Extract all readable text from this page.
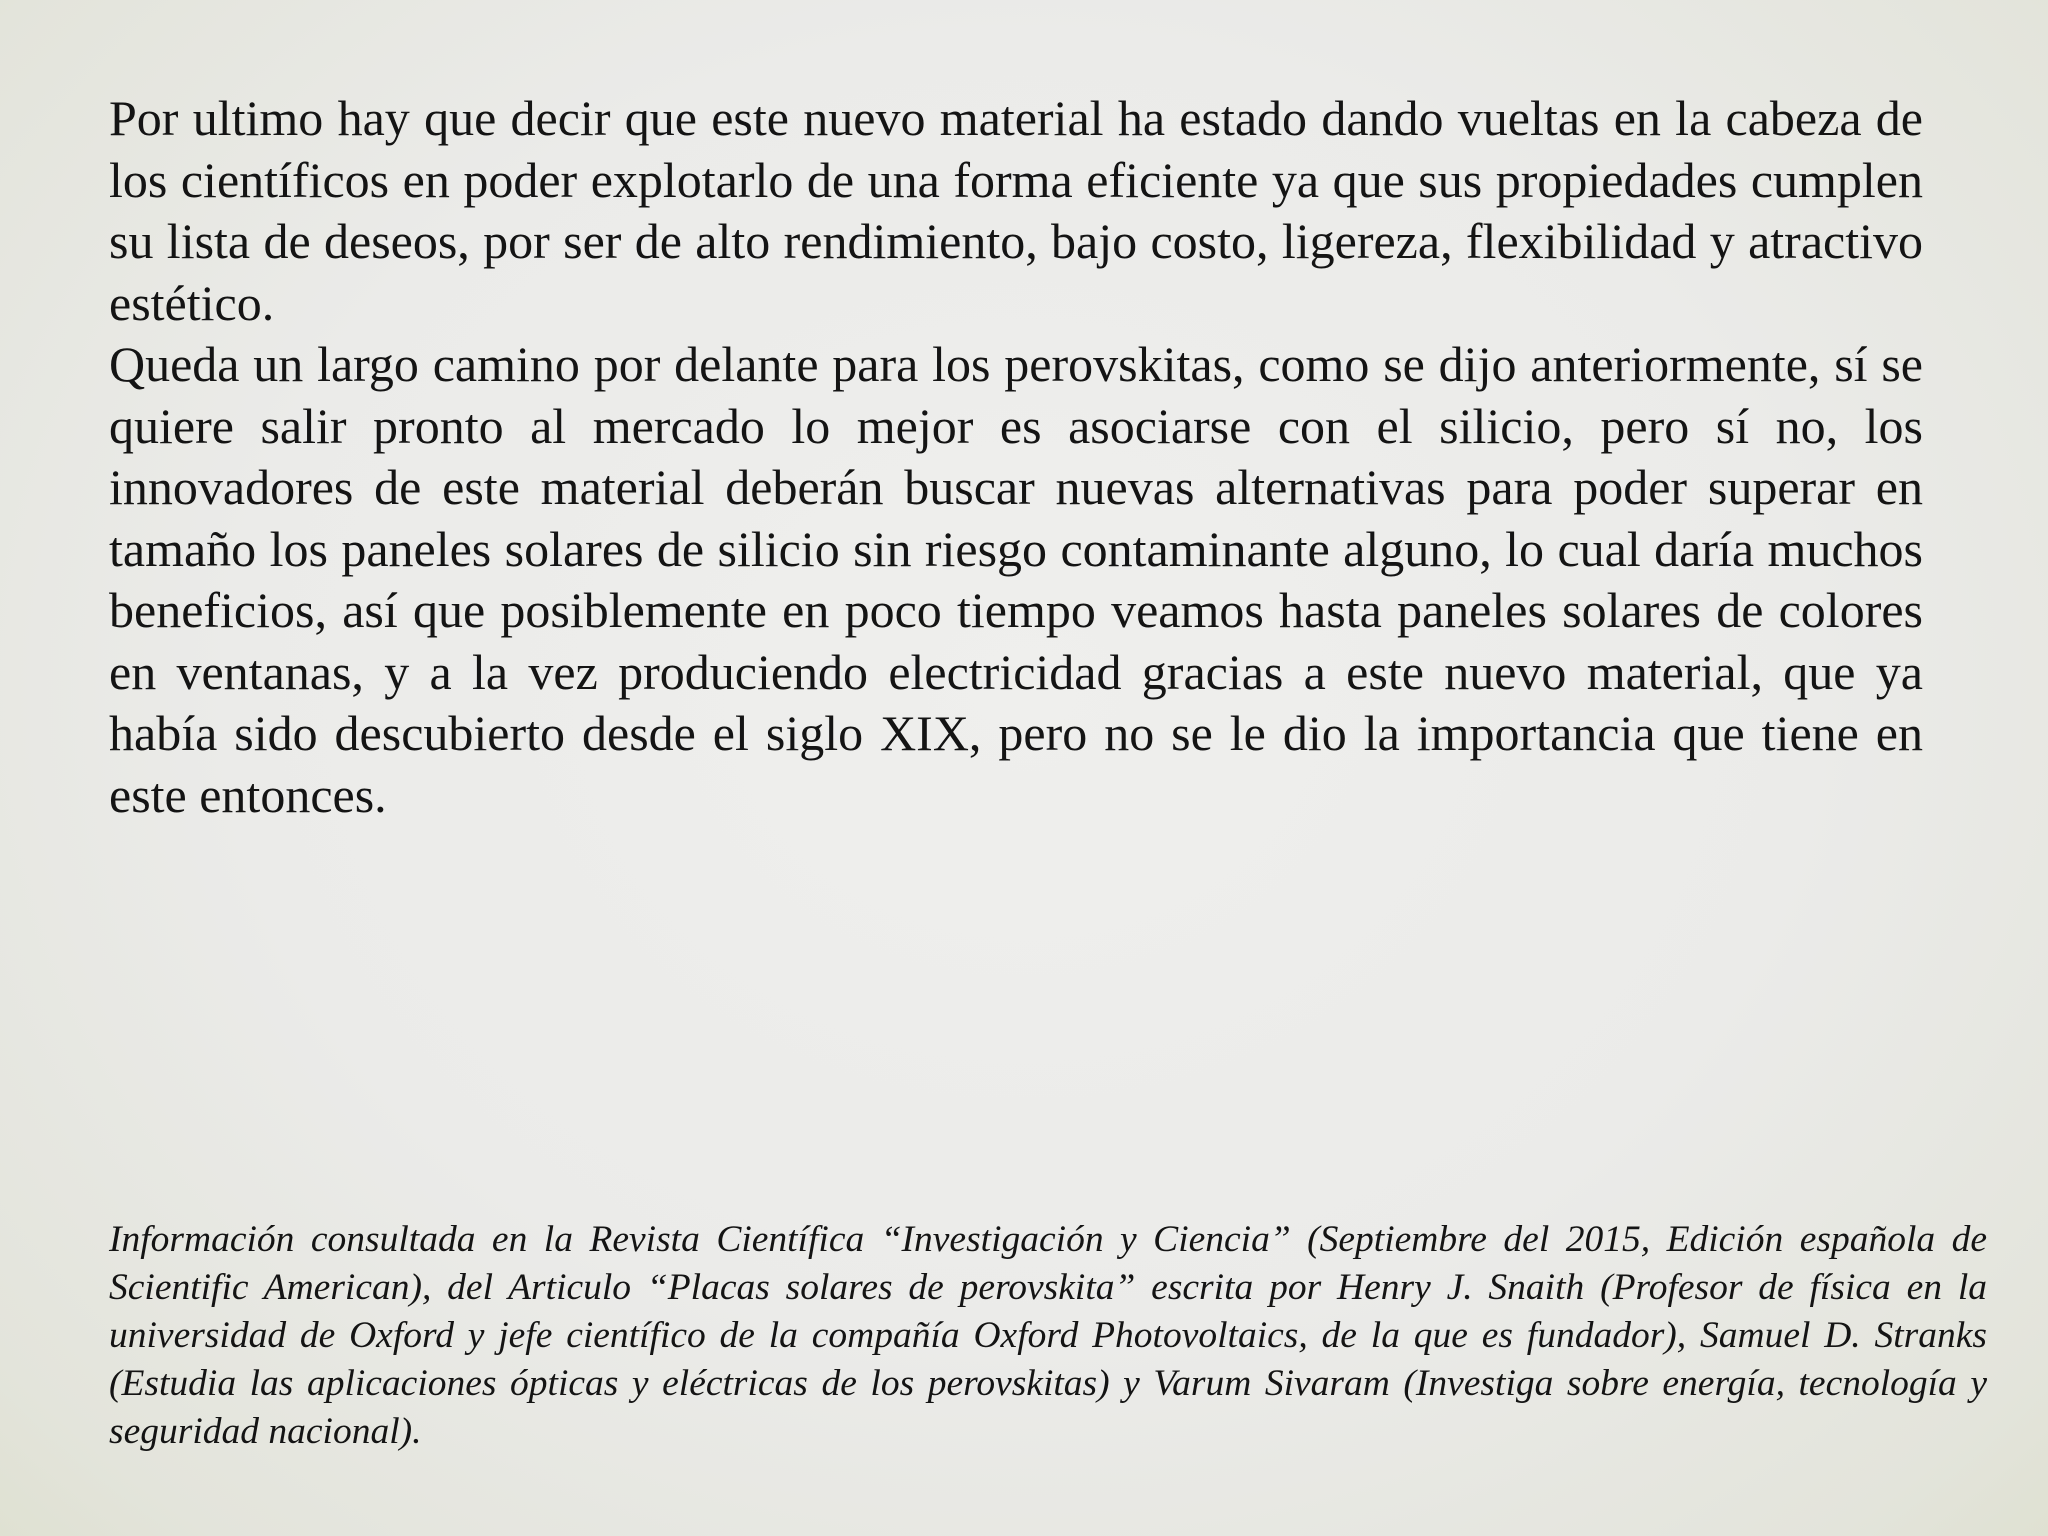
Por ultimo hay que decir que este nuevo material ha estado dando vueltas en la cabeza de los científicos en poder explotarlo de una forma eficiente ya que sus propiedades cumplen su lista de deseos, por ser de alto rendimiento, bajo costo, ligereza, flexibilidad y atractivo estético.

Queda un largo camino por delante para los perovskitas, como se dijo anteriormente, sí se quiere salir pronto al mercado lo mejor es asociarse con el silicio, pero sí no, los innovadores de este material deberán buscar nuevas alternativas para poder superar en tamaño los paneles solares de silicio sin riesgo contaminante alguno, lo cual daría muchos beneficios, así que posiblemente en poco tiempo veamos hasta paneles solares de colores en ventanas, y a la vez produciendo electricidad gracias a este nuevo material, que ya había sido descubierto desde el siglo XIX, pero no se le dio la importancia que tiene en este entonces.

Información consultada en la Revista Científica “Investigación y Ciencia” (Septiembre del 2015, Edición española de Scientific American), del Articulo “Placas solares de perovskita” escrita por Henry J. Snaith (Profesor de física en la universidad de Oxford y jefe científico de la compañía Oxford Photovoltaics, de la que es fundador), Samuel D. Stranks (Estudia las aplicaciones ópticas y eléctricas de los perovskitas) y Varum Sivaram (Investiga sobre energía, tecnología y seguridad nacional).
